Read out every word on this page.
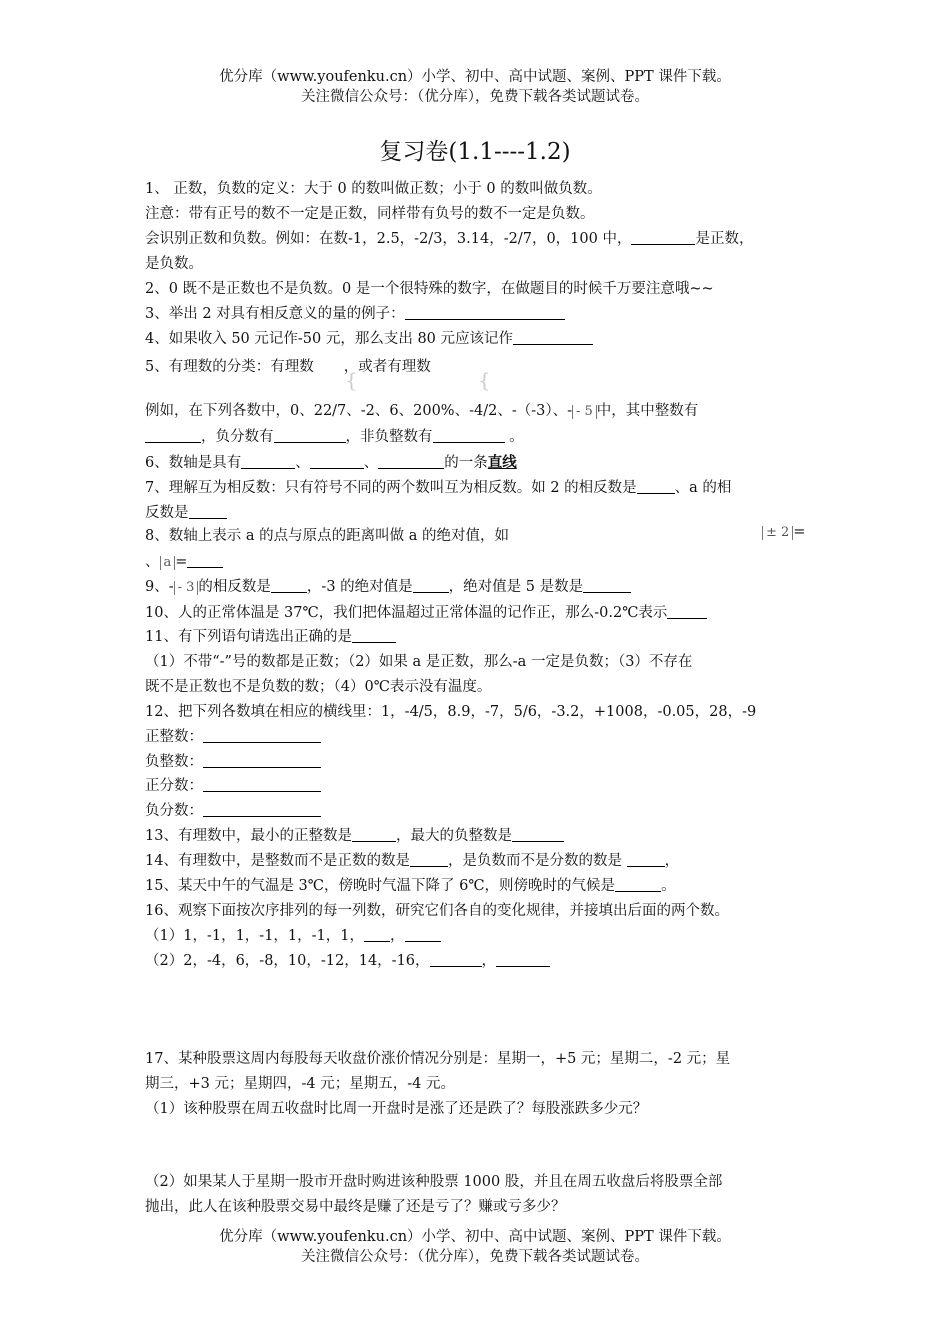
优分库（www.youfenku.cn）小学、初中、高中试题、案例、PPT 课件下载。
关注微信公众号：（优分库），免费下载各类试题试卷。
复习卷(1.1----1.2)
1、 正数，负数的定义：大于 0 的数叫做正数；小于 0 的数叫做负数。
注意：带有正号的数不一定是正数，同样带有负号的数不一定是负数。
会识别正数和负数。例如：在数-1，2.5，-2/3，3.14，-2/7，0，100 中，	是正数，
是负数。
2、0 既不是正数也不是负数。0 是一个很特殊的数字，在做题目的时候千万要注意哦~~
3、举出 2 对具有相反意义的量的例子：
4、如果收入 50 元记作-50 元，那么支出 80 元应该记作
5、有理数的分类：有理数 ，或者有理数
{	{
例如，在下列各数中，0、22/7、-2、6、200%、-4/2、-（-3）、- - 5 中，其中整数有
，负分数有	，非负整数有	。
6、数轴是具有	、	、	的一条直线
7、理解互为相反数：只有符号不同的两个数叫互为相反数。如 2 的相反数是	、a 的相
反数是
8、数轴上表示 a 的点与原点的距离叫做 a 的绝对值，如	± 2 =
、 a =
9、- - 3 的相反数是 ，-3 的绝对值是 ，绝对值是 5 是数是
10、人的正常体温是 37℃，我们把体温超过正常体温的记作正，那么-0.2℃表示
11、有下列语句请选出正确的是
（1）不带“-”号的数都是正数；（2）如果 a 是正数，那么-a 一定是负数；（3）不存在
既不是正数也不是负数的数；（4）0℃表示没有温度。
12、把下列各数填在相应的横线里：1，-4/5，8.9，-7，5/6，-3.2，+1008，-0.05，28，-9
正整数：
负整数：
正分数：
负分数：
13、有理数中，最小的正整数是	，最大的负整数是
14、有理数中，是整数而不是正数的数是	，是负数而不是分数的数是	，
15、某天中午的气温是 3℃，傍晚时气温下降了 6℃，则傍晚时的气候是	。
16、观察下面按次序排列的每一列数，研究它们各自的变化规律，并接填出后面的两个数。
（1）1，-1，1，-1，1，-1，1， ，
（2）2，-4，6，-8，10，-12，14，-16，	，
17、某种股票这周内每股每天收盘价涨价情况分别是：星期一，+5 元；星期二，-2 元；星
期三，+3 元；星期四，-4 元；星期五，-4 元。
（1）该种股票在周五收盘时比周一开盘时是涨了还是跌了？每股涨跌多少元？
（2）如果某人于星期一股市开盘时购进该种股票 1000 股，并且在周五收盘后将股票全部
抛出，此人在该种股票交易中最终是赚了还是亏了？赚或亏多少？
优分库（www.youfenku.cn）小学、初中、高中试题、案例、PPT 课件下载。
关注微信公众号：（优分库），免费下载各类试题试卷。
